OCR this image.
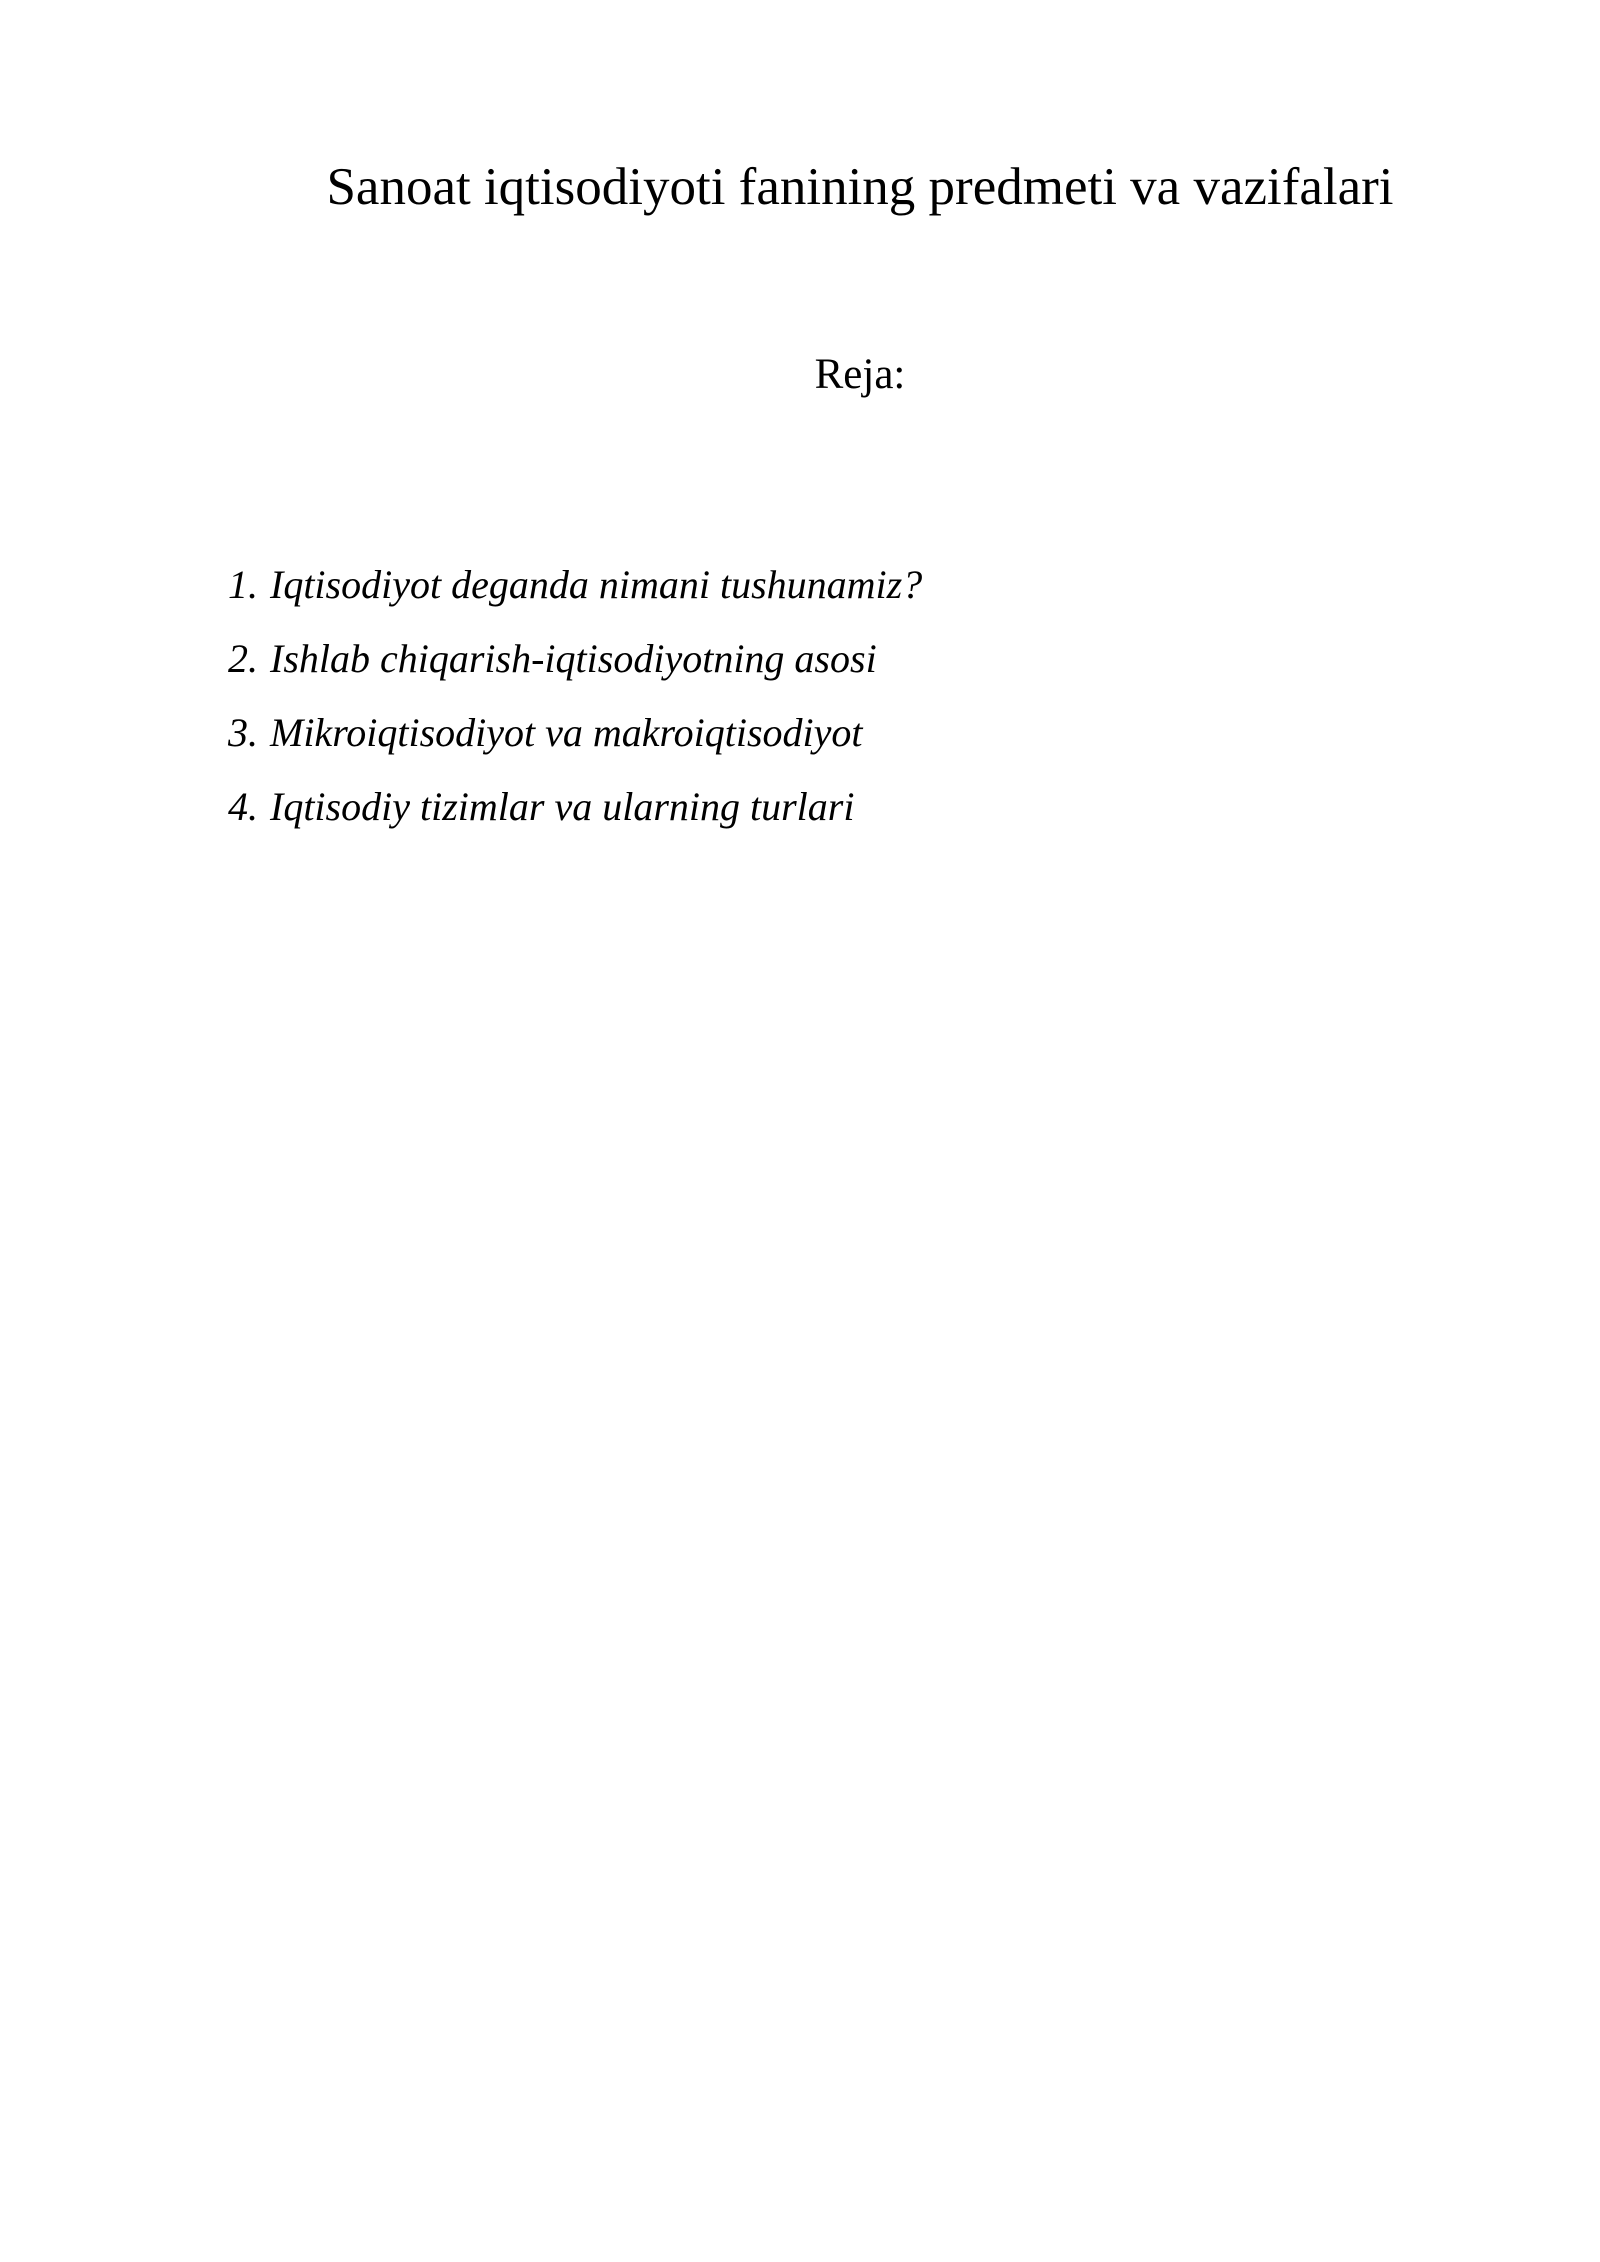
Sanoat iqtisodiyoti fanining predmeti va vazifalari
Reja:
1. Iqtisodiyot deganda nimani tushunamiz?
2. Ishlab chiqarish-iqtisodiyotning asosi
3. Mikroiqtisodiyot va makroiqtisodiyot
4. Iqtisodiy tizimlar va ularning turlari
